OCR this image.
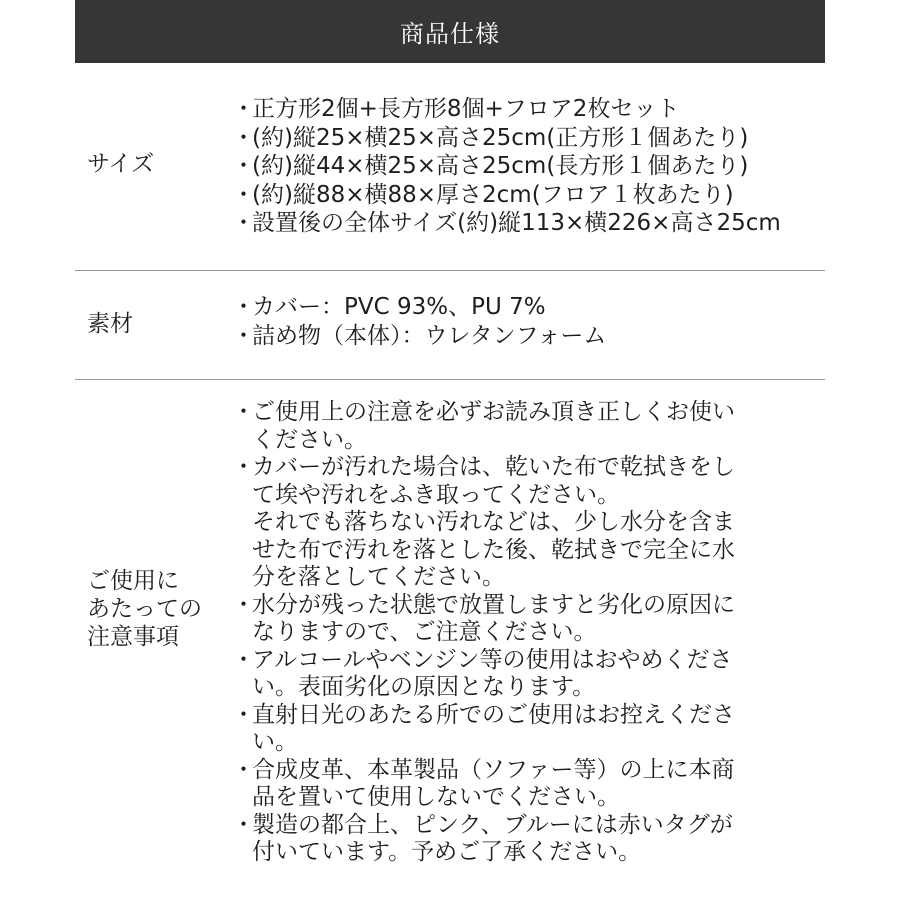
商品仕様
サイズ
・ 正方形2個+長方形8個+フロア2枚セット
・ (約)縦25×横25×高さ25cm(正方形１個あたり)
・ (約)縦44×横25×高さ25cm(長方形１個あたり)
・ (約)縦88×横88×厚さ2cm(フロア１枚あたり)
・ 設置後の全体サイズ(約)縦113×横226×高さ25cm
素材
・ カバー：PVC 93%、PU 7%
・ 詰め物（本体）：ウレタンフォーム
ご使用に
あたっての
注意事項
・ ご使用上の注意を必ずお読み頂き正しくお使い
ください。
・ カバーが汚れた場合は、乾いた布で乾拭きをし
て埃や汚れをふき取ってください。
それでも落ちない汚れなどは、少し水分を含ま
せた布で汚れを落とした後、乾拭きで完全に水
分を落としてください。
・ 水分が残った状態で放置しますと劣化の原因に
なりますので、ご注意ください。
・ アルコールやベンジン等の使用はおやめくださ
い。表面劣化の原因となります。
・ 直射日光のあたる所でのご使用はお控えくださ
い。
・ 合成皮革、本革製品（ソファー等）の上に本商
品を置いて使用しないでください。
・ 製造の都合上、ピンク、ブルーには赤いタグが
付いています。予めご了承ください。
